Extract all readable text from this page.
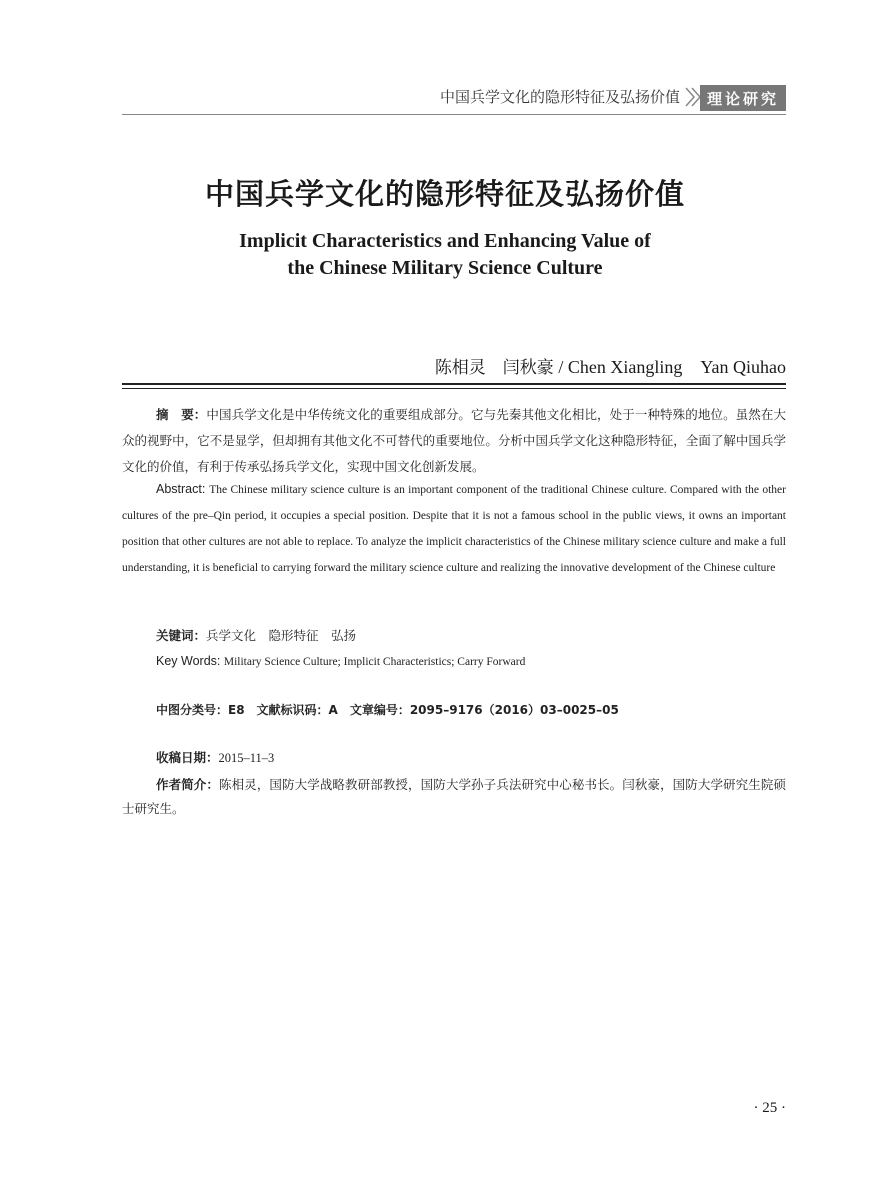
中国兵学文化的隐形特征及弘扬价值	理论研究
中国兵学文化的隐形特征及弘扬价值
Implicit Characteristics and Enhancing Value of
the Chinese Military Science Culture
陈相灵　闫秋豪 / Chen Xiangling　Yan Qiuhao
摘　要：中国兵学文化是中华传统文化的重要组成部分。它与先秦其他文化相比，处于一种特殊的地位。虽然在大众的视野中，它不是显学，但却拥有其他文化不可替代的重要地位。分析中国兵学文化这种隐形特征，全面了解中国兵学文化的价值，有利于传承弘扬兵学文化，实现中国文化创新发展。
Abstract: The Chinese military science culture is an important component of the traditional Chinese culture. Compared with the other cultures of the pre–Qin period, it occupies a special position. Despite that it is not a famous school in the public views, it owns an important position that other cultures are not able to replace. To analyze the implicit characteristics of the Chinese military science culture and make a full understanding, it is beneficial to carrying forward the military science culture and realizing the innovative development of the Chinese culture
关键词：兵学文化　隐形特征　弘扬
Key Words: Military Science Culture; Implicit Characteristics; Carry Forward
中图分类号：E8　文献标识码：A　文章编号：2095–9176（2016）03–0025–05
收稿日期：2015–11–3
作者简介：陈相灵，国防大学战略教研部教授，国防大学孙子兵法研究中心秘书长。闫秋豪，国防大学研究生院硕士研究生。
· 25 ·
